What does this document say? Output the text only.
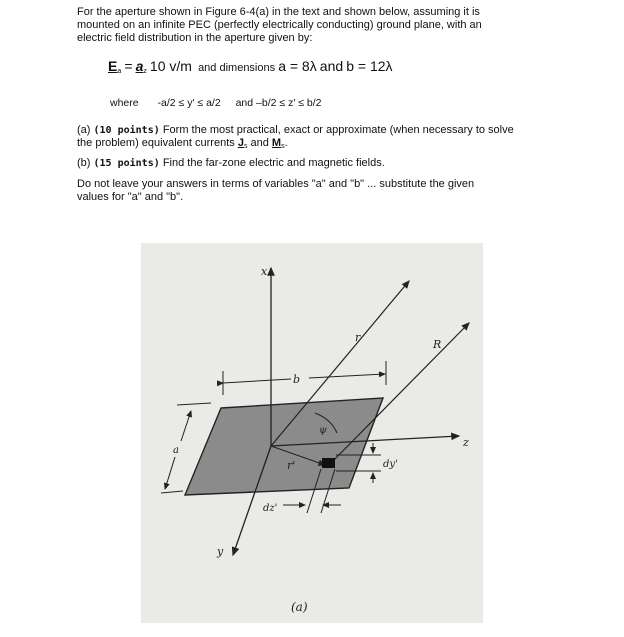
For the aperture shown in Figure 6-4(a) in the text and shown below, assuming it is
mounted on an infinite PEC (perfectly electrically conducting) ground plane, with an
electric field distribution in the aperture given by:
$E_a = a_z$ 10 v/m and dimensions a = 8λ and b = 12λ
where -a/2 ≤ y' ≤ a/2 and –b/2 ≤ z' ≤ b/2
(a) (10 points) Form the most practical, exact or approximate (when necessary to solve
the problem) equivalent currents $J_s$ and $M_s$.
(b) (15 points) Find the far-zone electric and magnetic fields.
Do not leave your answers in terms of variables "a" and "b" ... substitute the given
values for "a" and "b".
x
z
y
r
R
r'
ψ
b
a
dy'
dz'
(a)
